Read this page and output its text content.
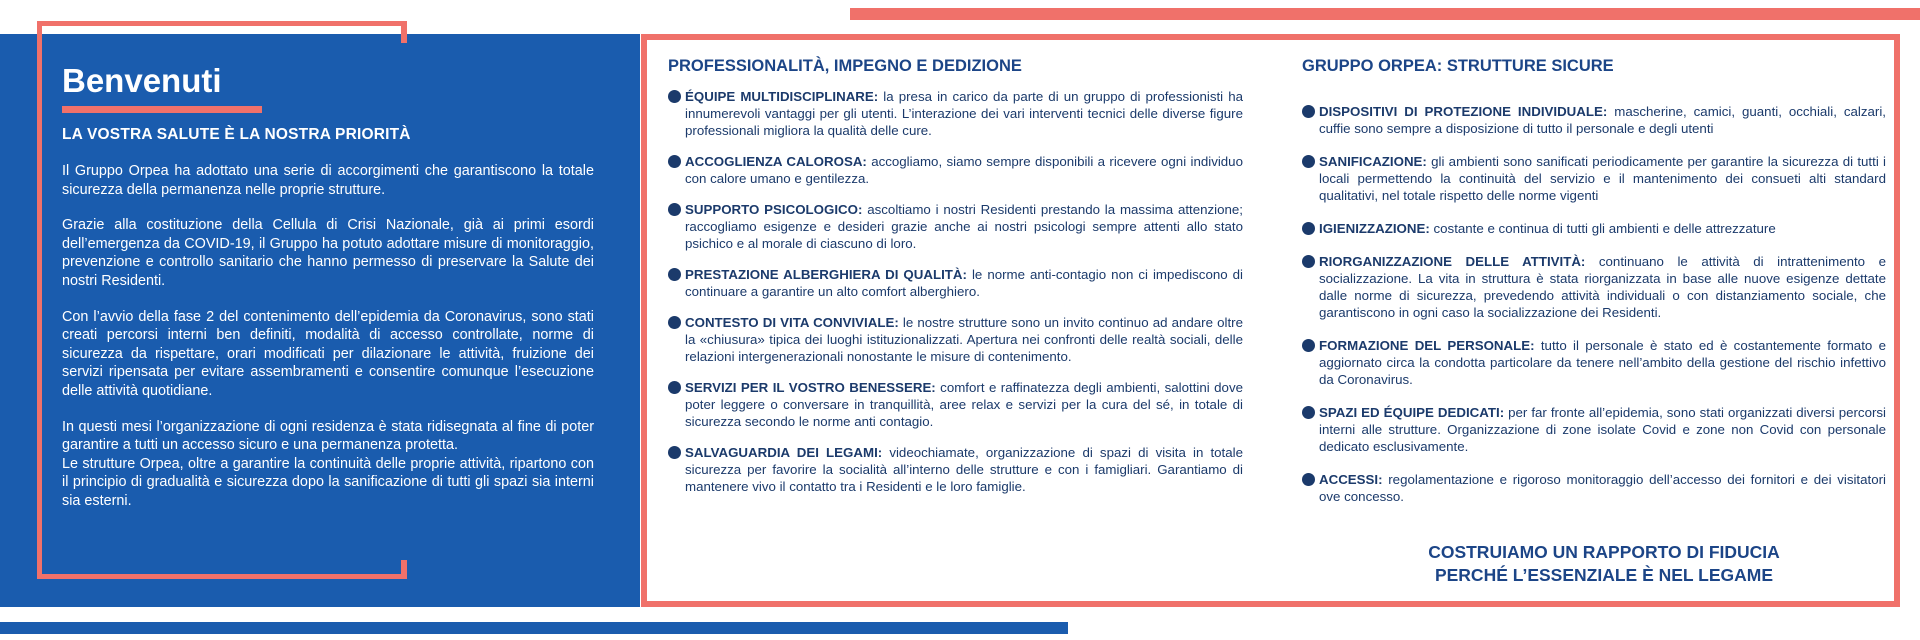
Benvenuti
LA VOSTRA SALUTE È LA NOSTRA PRIORITÀ

Il Gruppo Orpea ha adottato una serie di accorgimenti che garantiscono la totale sicurezza della permanenza nelle proprie strutture.

Grazie alla costituzione della Cellula di Crisi Nazionale, già ai primi esordi dell’emergenza da COVID-19, il Gruppo ha potuto adottare misure di monitoraggio, prevenzione e controllo sanitario che hanno permesso di preservare la Salute dei nostri Residenti.

Con l’avvio della fase 2 del contenimento dell’epidemia da Coronavirus, sono stati creati percorsi interni ben definiti, modalità di accesso controllate, norme di sicurezza da rispettare, orari modificati per dilazionare le attività, fruizione dei servizi ripensata per evitare assembramenti e consentire comunque l’esecuzione delle attività quotidiane.

In questi mesi l’organizzazione di ogni residenza è stata ridisegnata al fine di poter garantire a tutti un accesso sicuro e una permanenza protetta.

Le strutture Orpea, oltre a garantire la continuità delle proprie attività, ripartono con il principio di gradualità e sicurezza dopo la sanificazione di tutti gli spazi sia interni sia esterni.

PROFESSIONALITÀ, IMPEGNO E DEDIZIONE
ÉQUIPE MULTIDISCIPLINARE: la presa in carico da parte di un gruppo di professionisti ha innumerevoli vantaggi per gli utenti. L’interazione dei vari interventi tecnici delle diverse figure professionali migliora la qualità delle cure.
ACCOGLIENZA CALOROSA: accogliamo, siamo sempre disponibili a ricevere ogni individuo con calore umano e gentilezza.
SUPPORTO PSICOLOGICO: ascoltiamo i nostri Residenti prestando la massima attenzione; raccogliamo esigenze e desideri grazie anche ai nostri psicologi sempre attenti allo stato psichico e al morale di ciascuno di loro.
PRESTAZIONE ALBERGHIERA DI QUALITÀ: le norme anti-contagio non ci impediscono di continuare a garantire un alto comfort alberghiero.
CONTESTO DI VITA CONVIVIALE: le nostre strutture sono un invito continuo ad andare oltre la «chiusura» tipica dei luoghi istituzionalizzati. Apertura nei confronti delle realtà sociali, delle relazioni intergenerazionali nonostante le misure di contenimento.
SERVIZI PER IL VOSTRO BENESSERE: comfort e raffinatezza degli ambienti, salottini dove poter leggere o conversare in tranquillità, aree relax e servizi per la cura del sé, in totale di sicurezza secondo le norme anti contagio.
SALVAGUARDIA DEI LEGAMI: videochiamate, organizzazione di spazi di visita in totale sicurezza per favorire la socialità all’interno delle strutture e con i famigliari. Garantiamo di mantenere vivo il contatto tra i Residenti e le loro famiglie.
GRUPPO ORPEA: STRUTTURE SICURE
DISPOSITIVI DI PROTEZIONE INDIVIDUALE: mascherine, camici, guanti, occhiali, calzari, cuffie sono sempre a disposizione di tutto il personale e degli utenti
SANIFICAZIONE: gli ambienti sono sanificati periodicamente per garantire la sicurezza di tutti i locali permettendo la continuità del servizio e il mantenimento dei consueti alti standard qualitativi, nel totale rispetto delle norme vigenti
IGIENIZZAZIONE: costante e continua di tutti gli ambienti e delle attrezzature
RIORGANIZZAZIONE DELLE ATTIVITÀ: continuano le attività di intrattenimento e socializzazione. La vita in struttura è stata riorganizzata in base alle nuove esigenze dettate dalle norme di sicurezza, prevedendo attività individuali o con distanziamento sociale, che garantiscono in ogni caso la socializzazione dei Residenti.
FORMAZIONE DEL PERSONALE: tutto il personale è stato ed è costantemente formato e aggiornato circa la condotta particolare da tenere nell’ambito della gestione del rischio infettivo da Coronavirus.
SPAZI ED ÉQUIPE DEDICATI: per far fronte all’epidemia, sono stati organizzati diversi percorsi interni alle strutture. Organizzazione di zone isolate Covid e zone non Covid con personale dedicato esclusivamente.
ACCESSI: regolamentazione e rigoroso monitoraggio dell’accesso dei fornitori e dei visitatori ove concesso.
COSTRUIAMO UN RAPPORTO DI FIDUCIA
PERCHÉ L’ESSENZIALE È NEL LEGAME
